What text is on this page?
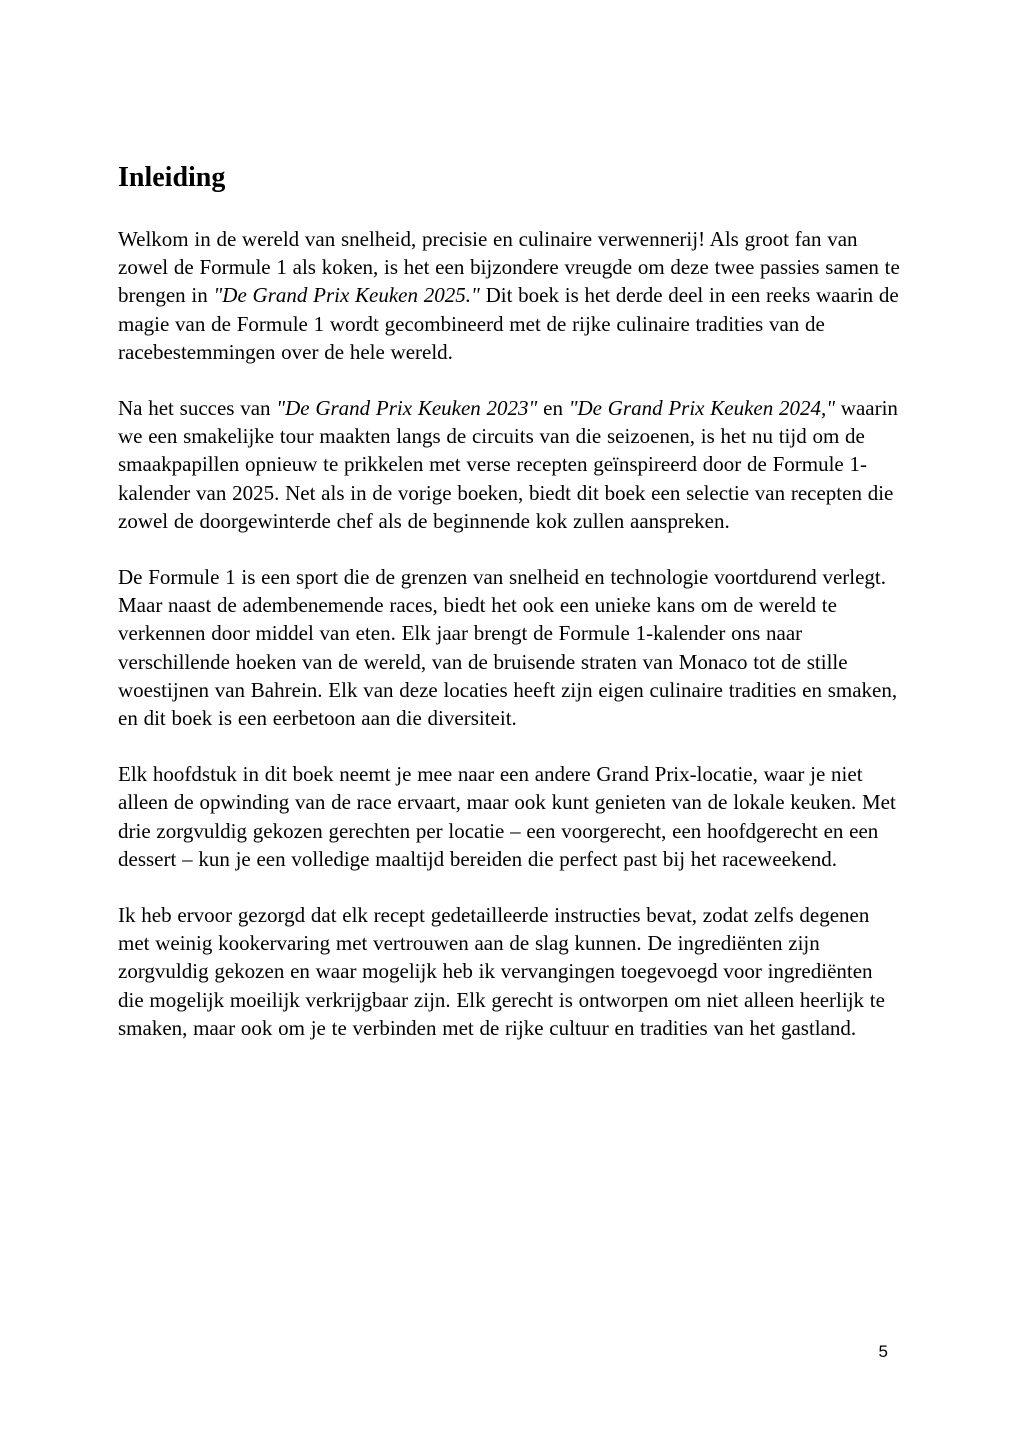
Inleiding

Welkom in de wereld van snelheid, precisie en culinaire verwennerij! Als groot fan van zowel de Formule 1 als koken, is het een bijzondere vreugde om deze twee passies samen te brengen in "De Grand Prix Keuken 2025." Dit boek is het derde deel in een reeks waarin de magie van de Formule 1 wordt gecombineerd met de rijke culinaire tradities van de racebestemmingen over de hele wereld.

Na het succes van "De Grand Prix Keuken 2023" en "De Grand Prix Keuken 2024," waarin we een smakelijke tour maakten langs de circuits van die seizoenen, is het nu tijd om de smaakpapillen opnieuw te prikkelen met verse recepten geïnspireerd door de Formule 1-kalender van 2025. Net als in de vorige boeken, biedt dit boek een selectie van recepten die zowel de doorgewinterde chef als de beginnende kok zullen aanspreken.

De Formule 1 is een sport die de grenzen van snelheid en technologie voortdurend verlegt. Maar naast de adembenemende races, biedt het ook een unieke kans om de wereld te verkennen door middel van eten. Elk jaar brengt de Formule 1-kalender ons naar verschillende hoeken van de wereld, van de bruisende straten van Monaco tot de stille woestijnen van Bahrein. Elk van deze locaties heeft zijn eigen culinaire tradities en smaken, en dit boek is een eerbetoon aan die diversiteit.

Elk hoofdstuk in dit boek neemt je mee naar een andere Grand Prix-locatie, waar je niet alleen de opwinding van de race ervaart, maar ook kunt genieten van de lokale keuken. Met drie zorgvuldig gekozen gerechten per locatie – een voorgerecht, een hoofdgerecht en een dessert – kun je een volledige maaltijd bereiden die perfect past bij het raceweekend.

Ik heb ervoor gezorgd dat elk recept gedetailleerde instructies bevat, zodat zelfs degenen met weinig kookervaring met vertrouwen aan de slag kunnen. De ingrediënten zijn zorgvuldig gekozen en waar mogelijk heb ik vervangingen toegevoegd voor ingrediënten die mogelijk moeilijk verkrijgbaar zijn. Elk gerecht is ontworpen om niet alleen heerlijk te smaken, maar ook om je te verbinden met de rijke cultuur en tradities van het gastland.

5
